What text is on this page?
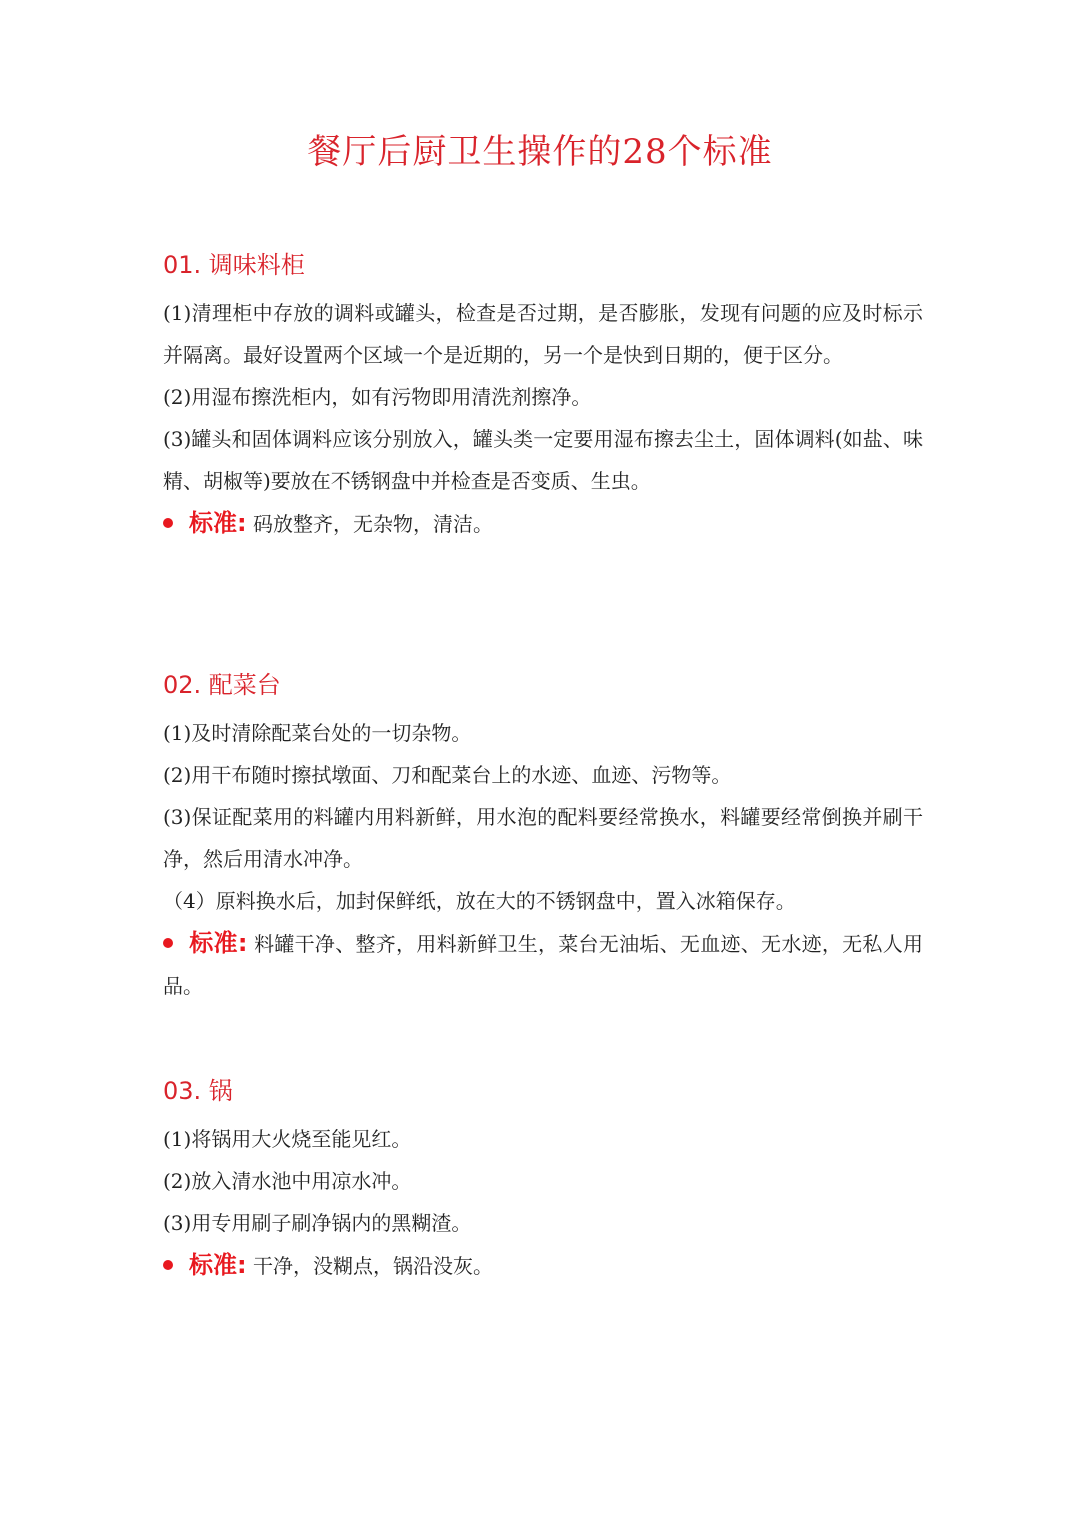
餐厅后厨卫生操作的28个标准
01. 调味料柜

(1)清理柜中存放的调料或罐头，检查是否过期，是否膨胀，发现有问题的应及时标示并隔离。最好设置两个区域一个是近期的，另一个是快到日期的，便于区分。

(2)用湿布擦洗柜内，如有污物即用清洗剂擦净。

(3)罐头和固体调料应该分别放入，罐头类一定要用湿布擦去尘土，固体调料(如盐、味精、胡椒等)要放在不锈钢盘中并检查是否变质、生虫。

标准: 码放整齐，无杂物，清洁。

02. 配菜台

(1)及时清除配菜台处的一切杂物。

(2)用干布随时擦拭墩面、刀和配菜台上的水迹、血迹、污物等。

(3)保证配菜用的料罐内用料新鲜，用水泡的配料要经常换水，料罐要经常倒换并刷干净，然后用清水冲净。

（4）原料换水后，加封保鲜纸，放在大的不锈钢盘中，置入冰箱保存。

标准: 料罐干净、整齐，用料新鲜卫生，菜台无油垢、无血迹、无水迹，无私人用品。

03. 锅

(1)将锅用大火烧至能见红。

(2)放入清水池中用凉水冲。

(3)用专用刷子刷净锅内的黑糊渣。

标准: 干净，没糊点，锅沿没灰。
